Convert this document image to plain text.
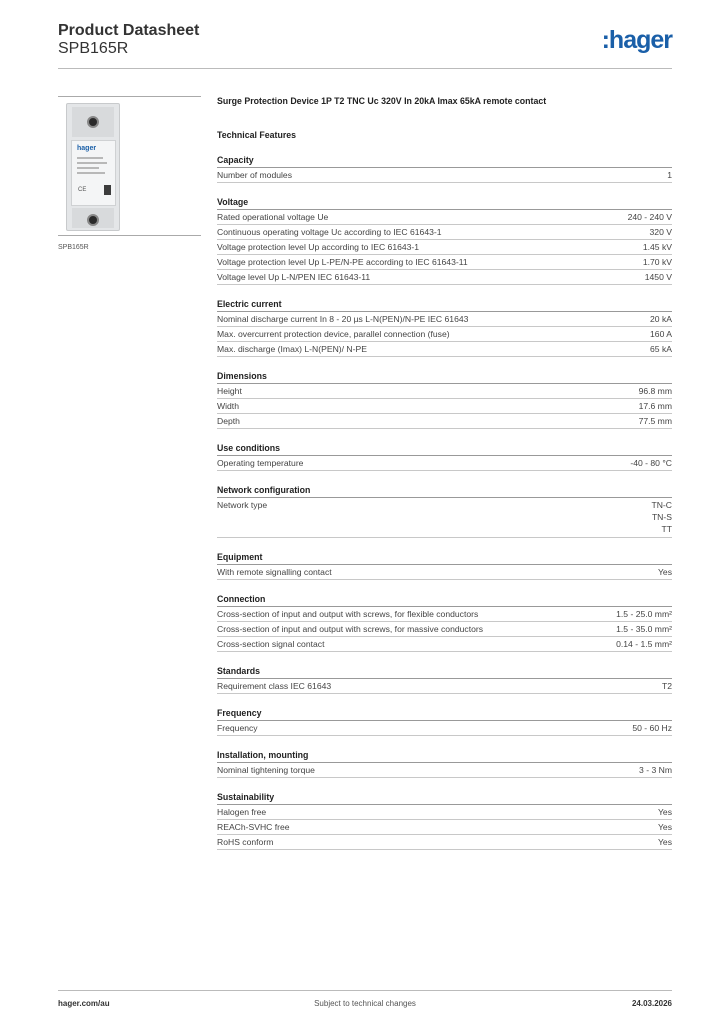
Product Datasheet
SPB165R	:hager
hager
CE
SPB165R
Surge Protection Device 1P T2 TNC Uc 320V In 20kA Imax 65kA remote contact
Technical Features
Capacity
Number of modules	1
Voltage
Rated operational voltage Ue	240 - 240 V
Continuous operating voltage Uc according to IEC 61643-1	320 V
Voltage protection level Up according to IEC 61643-1	1.45 kV
Voltage protection level Up L-PE/N-PE according to IEC 61643-11	1.70 kV
Voltage level Up L-N/PEN IEC 61643-11	1450 V
Electric current
Nominal discharge current In 8 - 20 µs L-N(PEN)/N-PE IEC 61643	20 kA
Max. overcurrent protection device, parallel connection (fuse)	160 A
Max. discharge (Imax) L-N(PEN)/ N-PE	65 kA
Dimensions
Height	96.8 mm
Width	17.6 mm
Depth	77.5 mm
Use conditions
Operating temperature	-40 - 80 °C
Network configuration
Network type	TN-C
TN-S
TT
Equipment
With remote signalling contact	Yes
Connection
Cross-section of input and output with screws, for flexible conductors	1.5 - 25.0 mm²
Cross-section of input and output with screws, for massive conductors	1.5 - 35.0 mm²
Cross-section signal contact	0.14 - 1.5 mm²
Standards
Requirement class IEC 61643	T2
Frequency
Frequency	50 - 60 Hz
Installation, mounting
Nominal tightening torque	3 - 3 Nm
Sustainability
Halogen free	Yes
REACh-SVHC free	Yes
RoHS conform	Yes
hager.com/au	Subject to technical changes	24.03.2026
